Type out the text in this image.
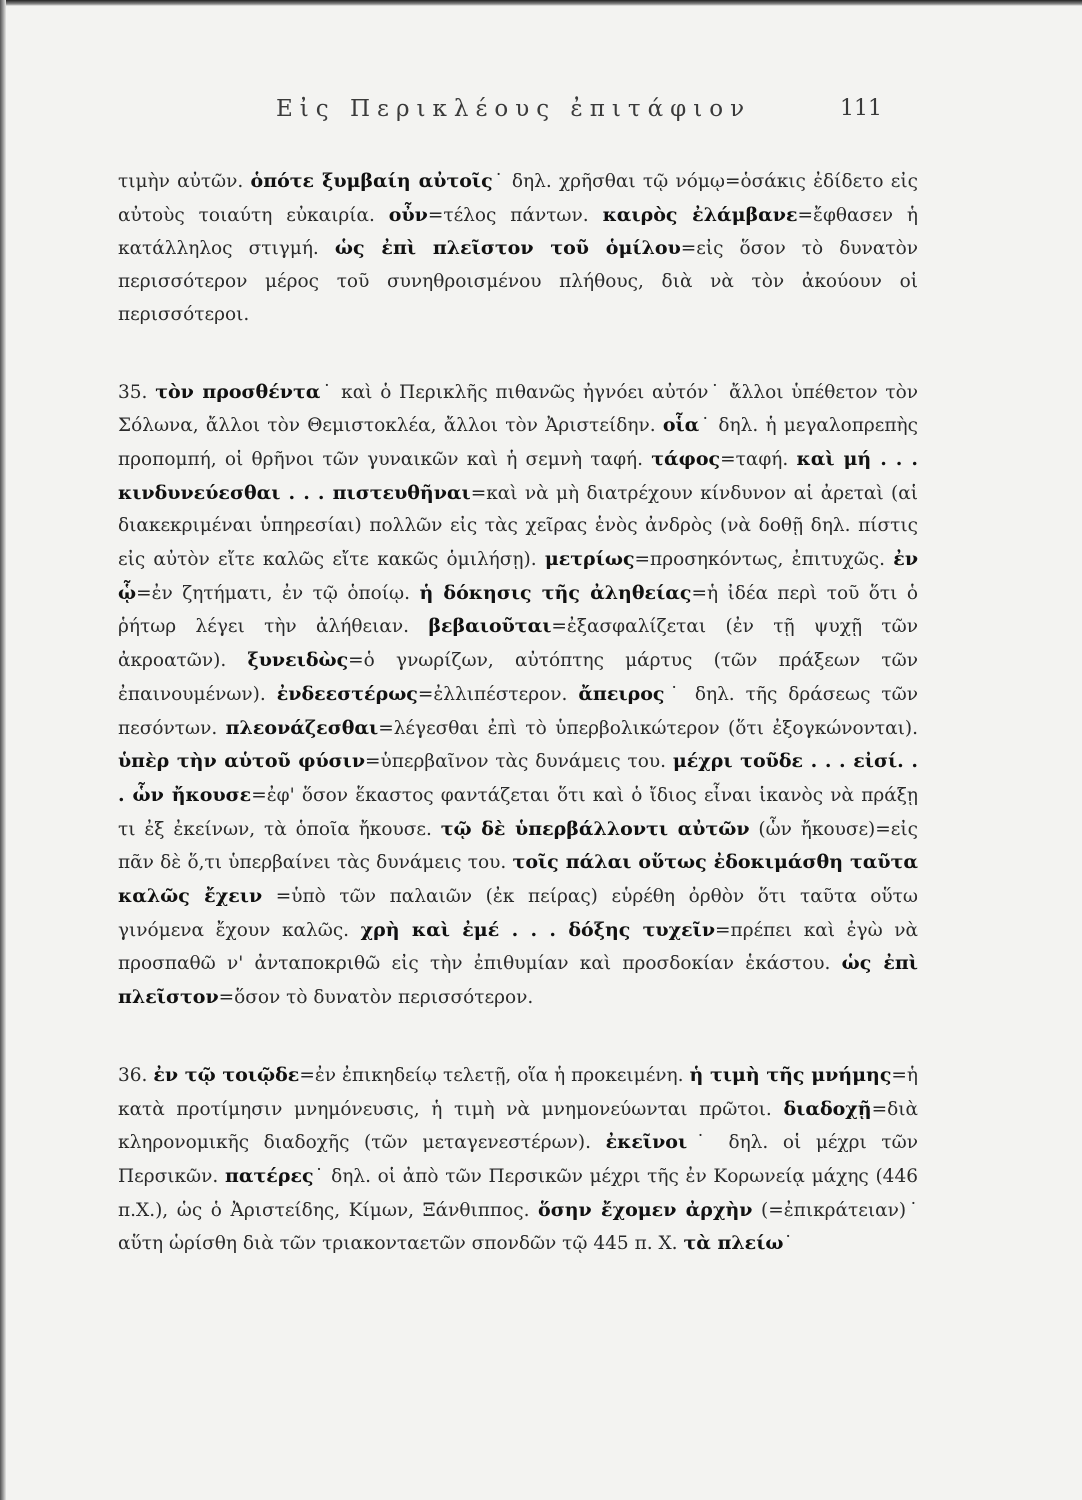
Εἰς Περικλέους ἐπιτάφιον	111

τιμὴν αὐτῶν. ὁπότε ξυμβαίη αὐτοῖς˙ δηλ. χρῆσθαι τῷ νόμῳ=ὁσάκις ἐδίδετο εἰς αὐτοὺς τοιαύτη εὐκαιρία. οὖν=τέλος πάντων. καιρὸς ἐλάμβανε=ἔφθασεν ἡ κατάλληλος στιγμή. ὡς ἐπὶ πλεῖστον τοῦ ὁμίλου=εἰς ὅσον τὸ δυνατὸν περισσότερον μέρος τοῦ συνηθροισμένου πλήθους, διὰ νὰ τὸν ἀκούουν οἱ περισσότεροι.

35. τὸν προσθέντα˙ καὶ ὁ Περικλῆς πιθανῶς ἠγνόει αὐτόν˙ ἄλλοι ὑπέθετον τὸν Σόλωνα, ἄλλοι τὸν Θεμιστοκλέα, ἄλλοι τὸν Ἀριστείδην. οἷα˙ δηλ. ἡ μεγαλοπρεπὴς προπομπή, οἱ θρῆνοι τῶν γυναικῶν καὶ ἡ σεμνὴ ταφή. τάφος=ταφή. καὶ μή . . . κινδυνεύεσθαι . . . πιστευθῆναι=καὶ νὰ μὴ διατρέχουν κίνδυνον αἱ ἀρεταὶ (αἱ διακεκριμέναι ὑπηρεσίαι) πολλῶν εἰς τὰς χεῖρας ἑνὸς ἀνδρὸς (νὰ δοθῇ δηλ. πίστις εἰς αὐτὸν εἴτε καλῶς εἴτε κακῶς ὁμιλήσῃ). μετρίως=προσηκόντως, ἐπιτυχῶς. ἐν ᾧ=ἐν ζητήματι, ἐν τῷ ὁποίῳ. ἡ δόκησις τῆς ἀληθείας=ἡ ἰδέα περὶ τοῦ ὅτι ὁ ῥήτωρ λέγει τὴν ἀλήθειαν. βεβαιοῦται=ἐξασφαλίζεται (ἐν τῇ ψυχῇ τῶν ἀκροατῶν). ξυνειδὼς=ὁ γνωρίζων, αὐτόπτης μάρτυς (τῶν πράξεων τῶν ἐπαινουμένων). ἐνδεεστέρως=ἐλλιπέστερον. ἄπειρος˙ δηλ. τῆς δράσεως τῶν πεσόντων. πλεονάζεσθαι=λέγεσθαι ἐπὶ τὸ ὑπερβολικώτερον (ὅτι ἐξογκώνονται). ὑπὲρ τὴν αὑτοῦ φύσιν=ὑπερβαῖνον τὰς δυνάμεις του. μέχρι τοῦδε . . . εἰσί. . . ὧν ἤκουσε=ἐφ' ὅσον ἕκαστος φαντάζεται ὅτι καὶ ὁ ἴδιος εἶναι ἱκανὸς νὰ πράξῃ τι ἐξ ἐκείνων, τὰ ὁποῖα ἤκουσε. τῷ δὲ ὑπερβάλλοντι αὐτῶν (ὧν ἤκουσε)=εἰς πᾶν δὲ ὅ,τι ὑπερβαίνει τὰς δυνάμεις του. τοῖς πάλαι οὕτως ἐδοκιμάσθη ταῦτα καλῶς ἔχειν =ὑπὸ τῶν παλαιῶν (ἐκ πείρας) εὑρέθη ὀρθὸν ὅτι ταῦτα οὕτω γινόμενα ἔχουν καλῶς. χρὴ καὶ ἐμέ . . . δόξης τυχεῖν=πρέπει καὶ ἐγὼ νὰ προσπαθῶ ν' ἀνταποκριθῶ εἰς τὴν ἐπιθυμίαν καὶ προσδοκίαν ἑκάστου. ὡς ἐπὶ πλεῖστον=ὅσον τὸ δυνατὸν περισσότερον.

36. ἐν τῷ τοιῷδε=ἐν ἐπικηδείῳ τελετῇ, οἵα ἡ προκειμένη. ἡ τιμὴ τῆς μνήμης=ἡ κατὰ προτίμησιν μνημόνευσις, ἡ τιμὴ νὰ μνημονεύωνται πρῶτοι. διαδοχῇ=διὰ κληρονομικῆς διαδοχῆς (τῶν μεταγενεστέρων). ἐκεῖνοι˙ δηλ. οἱ μέχρι τῶν Περσικῶν. πατέρες˙ δηλ. οἱ ἀπὸ τῶν Περσικῶν μέχρι τῆς ἐν Κορωνείᾳ μάχης (446 π.Χ.), ὡς ὁ Ἀριστείδης, Κίμων, Ξάνθιππος. ὅσην ἔχομεν ἀρχὴν (=ἐπικράτειαν)˙ αὕτη ὡρίσθη διὰ τῶν τριακονταετῶν σπονδῶν τῷ 445 π. Χ. τὰ πλείω˙
